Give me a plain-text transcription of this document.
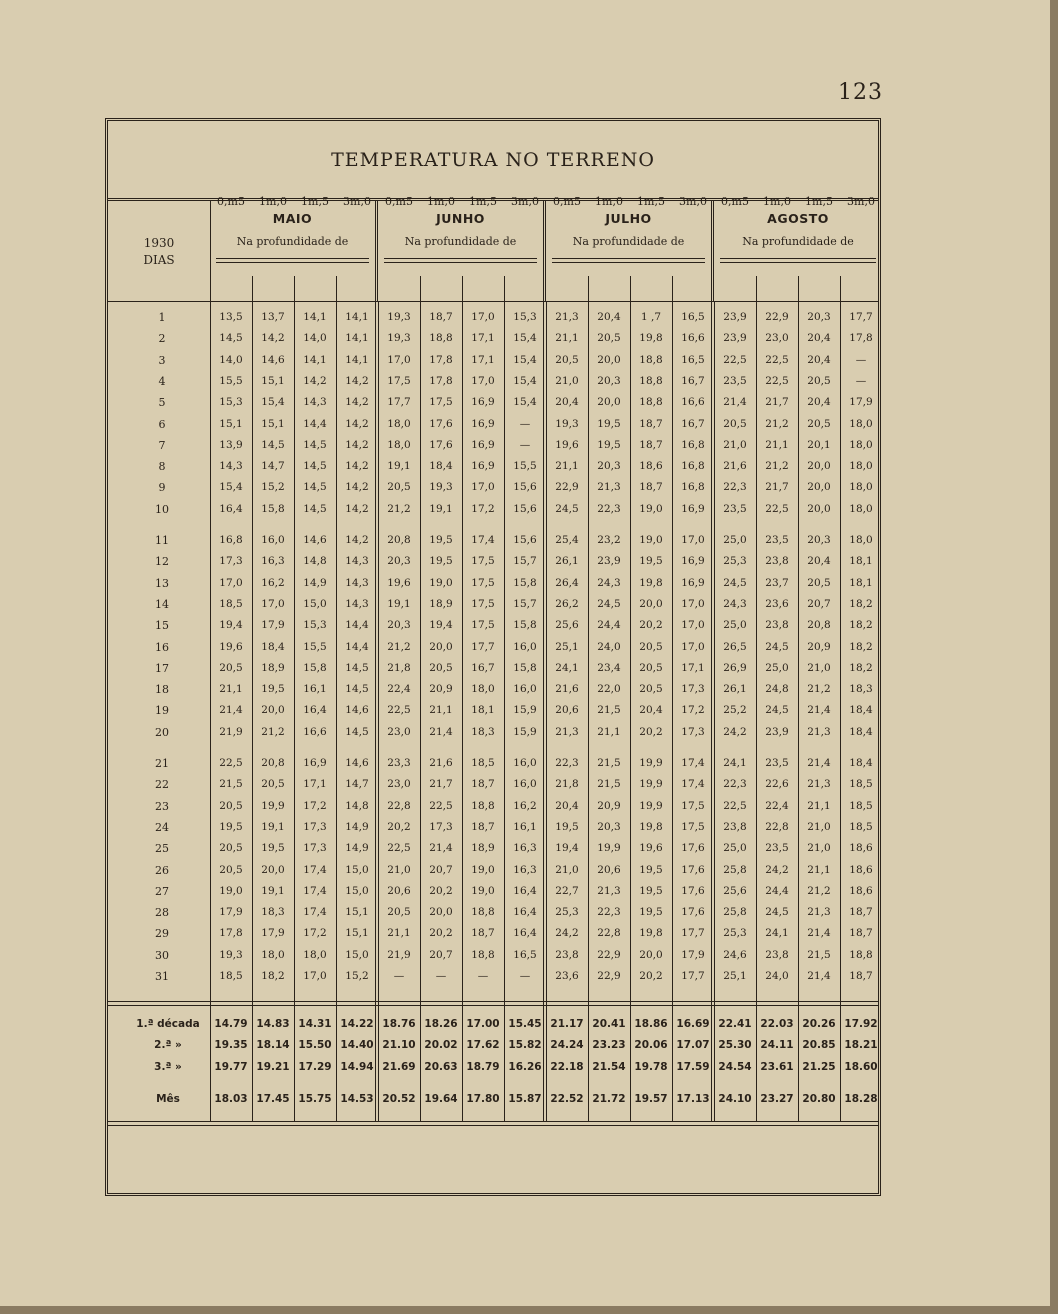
123
TEMPERATURA NO TERRENO
1930
DIAS
0,m5	1m,0	1m,5	3m,0	0,m5	1m,0	1m,5	3m,0	0,m5	1m,0	1m,5	3m,0	0,m5	1m,0	1m,5	3m,0
1	13,5	13,7	14,1	14,1	19,3	18,7	17,0	15,3	21,3	20,4	1 ,7	16,5	23,9	22,9	20,3	17,7
2	14,5	14,2	14,0	14,1	19,3	18,8	17,1	15,4	21,1	20,5	19,8	16,6	23,9	23,0	20,4	17,8
3	14,0	14,6	14,1	14,1	17,0	17,8	17,1	15,4	20,5	20,0	18,8	16,5	22,5	22,5	20,4	—
4	15,5	15,1	14,2	14,2	17,5	17,8	17,0	15,4	21,0	20,3	18,8	16,7	23,5	22,5	20,5	—
5	15,3	15,4	14,3	14,2	17,7	17,5	16,9	15,4	20,4	20,0	18,8	16,6	21,4	21,7	20,4	17,9
6	15,1	15,1	14,4	14,2	18,0	17,6	16,9	—	19,3	19,5	18,7	16,7	20,5	21,2	20,5	18,0
7	13,9	14,5	14,5	14,2	18,0	17,6	16,9	—	19,6	19,5	18,7	16,8	21,0	21,1	20,1	18,0
8	14,3	14,7	14,5	14,2	19,1	18,4	16,9	15,5	21,1	20,3	18,6	16,8	21,6	21,2	20,0	18,0
9	15,4	15,2	14,5	14,2	20,5	19,3	17,0	15,6	22,9	21,3	18,7	16,8	22,3	21,7	20,0	18,0
10	16,4	15,8	14,5	14,2	21,2	19,1	17,2	15,6	24,5	22,3	19,0	16,9	23,5	22,5	20,0	18,0
11	16,8	16,0	14,6	14,2	20,8	19,5	17,4	15,6	25,4	23,2	19,0	17,0	25,0	23,5	20,3	18,0
12	17,3	16,3	14,8	14,3	20,3	19,5	17,5	15,7	26,1	23,9	19,5	16,9	25,3	23,8	20,4	18,1
13	17,0	16,2	14,9	14,3	19,6	19,0	17,5	15,8	26,4	24,3	19,8	16,9	24,5	23,7	20,5	18,1
14	18,5	17,0	15,0	14,3	19,1	18,9	17,5	15,7	26,2	24,5	20,0	17,0	24,3	23,6	20,7	18,2
15	19,4	17,9	15,3	14,4	20,3	19,4	17,5	15,8	25,6	24,4	20,2	17,0	25,0	23,8	20,8	18,2
16	19,6	18,4	15,5	14,4	21,2	20,0	17,7	16,0	25,1	24,0	20,5	17,0	26,5	24,5	20,9	18,2
17	20,5	18,9	15,8	14,5	21,8	20,5	16,7	15,8	24,1	23,4	20,5	17,1	26,9	25,0	21,0	18,2
18	21,1	19,5	16,1	14,5	22,4	20,9	18,0	16,0	21,6	22,0	20,5	17,3	26,1	24,8	21,2	18,3
19	21,4	20,0	16,4	14,6	22,5	21,1	18,1	15,9	20,6	21,5	20,4	17,2	25,2	24,5	21,4	18,4
20	21,9	21,2	16,6	14,5	23,0	21,4	18,3	15,9	21,3	21,1	20,2	17,3	24,2	23,9	21,3	18,4
21	22,5	20,8	16,9	14,6	23,3	21,6	18,5	16,0	22,3	21,5	19,9	17,4	24,1	23,5	21,4	18,4
22	21,5	20,5	17,1	14,7	23,0	21,7	18,7	16,0	21,8	21,5	19,9	17,4	22,3	22,6	21,3	18,5
23	20,5	19,9	17,2	14,8	22,8	22,5	18,8	16,2	20,4	20,9	19,9	17,5	22,5	22,4	21,1	18,5
24	19,5	19,1	17,3	14,9	20,2	17,3	18,7	16,1	19,5	20,3	19,8	17,5	23,8	22,8	21,0	18,5
25	20,5	19,5	17,3	14,9	22,5	21,4	18,9	16,3	19,4	19,9	19,6	17,6	25,0	23,5	21,0	18,6
26	20,5	20,0	17,4	15,0	21,0	20,7	19,0	16,3	21,0	20,6	19,5	17,6	25,8	24,2	21,1	18,6
27	19,0	19,1	17,4	15,0	20,6	20,2	19,0	16,4	22,7	21,3	19,5	17,6	25,6	24,4	21,2	18,6
28	17,9	18,3	17,4	15,1	20,5	20,0	18,8	16,4	25,3	22,3	19,5	17,6	25,8	24,5	21,3	18,7
29	17,8	17,9	17,2	15,1	21,1	20,2	18,7	16,4	24,2	22,8	19,8	17,7	25,3	24,1	21,4	18,7
30	19,3	18,0	18,0	15,0	21,9	20,7	18,8	16,5	23,8	22,9	20,0	17,9	24,6	23,8	21,5	18,8
31	18,5	18,2	17,0	15,2	—	—	—	—	23,6	22,9	20,2	17,7	25,1	24,0	21,4	18,7
1.ª década	14.79 14.83 14.31 14.22 18.76 18.26 17.00 15.45 21.17 20.41 18.86 16.69 22.41 22.03 20.26 17.92
2.ª »	19.35 18.14 15.50 14.40 21.10 20.02 17.62 15.82 24.24 23.23 20.06 17.07 25.30 24.11 20.85 18.21
3.ª »	19.77 19.21 17.29 14.94 21.69 20.63 18.79 16.26 22.18 21.54 19.78 17.59 24.54 23.61 21.25 18.60
Mês	18.03 17.45 15.75 14.53 20.52 19.64 17.80 15.87 22.52 21.72 19.57 17.13 24.10 23.27 20.80 18.28
MAIO
Na profundidade de
JUNHO
Na profundidade de
JULHO
Na profundidade de
AGOSTO
Na profundidade de
